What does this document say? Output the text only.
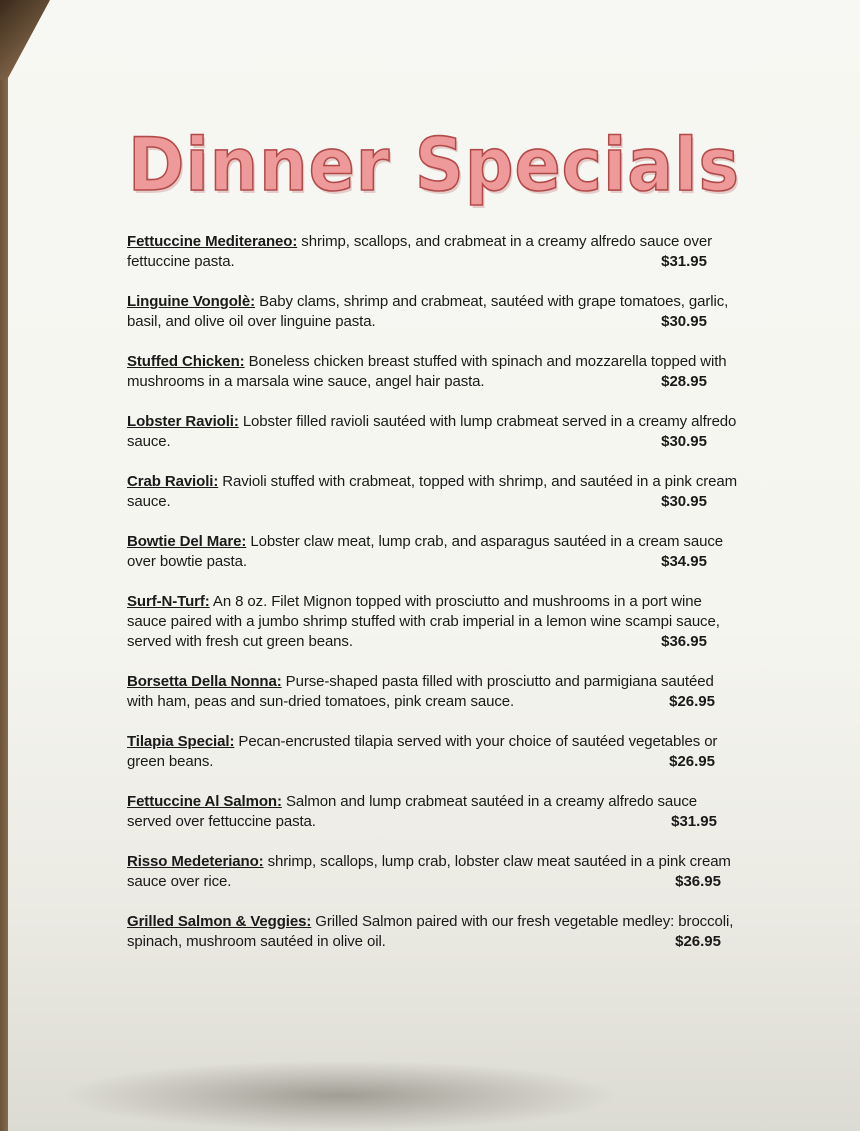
Dinner Specials

Fettuccine Mediteraneo: shrimp, scallops, and crabmeat in a creamy alfredo sauce over fettuccine pasta.	$31.95

Linguine Vongolè: Baby clams, shrimp and crabmeat, sautéed with grape tomatoes, garlic, basil, and olive oil over linguine pasta.	$30.95

Stuffed Chicken: Boneless chicken breast stuffed with spinach and mozzarella topped with mushrooms in a marsala wine sauce, angel hair pasta.	$28.95

Lobster Ravioli: Lobster filled ravioli sautéed with lump crabmeat served in a creamy alfredo sauce.	$30.95

Crab Ravioli: Ravioli stuffed with crabmeat, topped with shrimp, and sautéed in a pink cream sauce.	$30.95

Bowtie Del Mare: Lobster claw meat, lump crab, and asparagus sautéed in a cream sauce over bowtie pasta.	$34.95

Surf-N-Turf: An 8 oz. Filet Mignon topped with prosciutto and mushrooms in a port wine sauce paired with a jumbo shrimp stuffed with crab imperial in a lemon wine scampi sauce, served with fresh cut green beans.	$36.95

Borsetta Della Nonna: Purse-shaped pasta filled with prosciutto and parmigiana sautéed with ham, peas and sun-dried tomatoes, pink cream sauce.	$26.95

Tilapia Special: Pecan-encrusted tilapia served with your choice of sautéed vegetables or green beans.	$26.95

Fettuccine Al Salmon: Salmon and lump crabmeat sautéed in a creamy alfredo sauce served over fettuccine pasta.	$31.95

Risso Medeteriano: shrimp, scallops, lump crab, lobster claw meat sautéed in a pink cream sauce over rice.	$36.95

Grilled Salmon & Veggies: Grilled Salmon paired with our fresh vegetable medley: broccoli, spinach, mushroom sautéed in olive oil.	$26.95
